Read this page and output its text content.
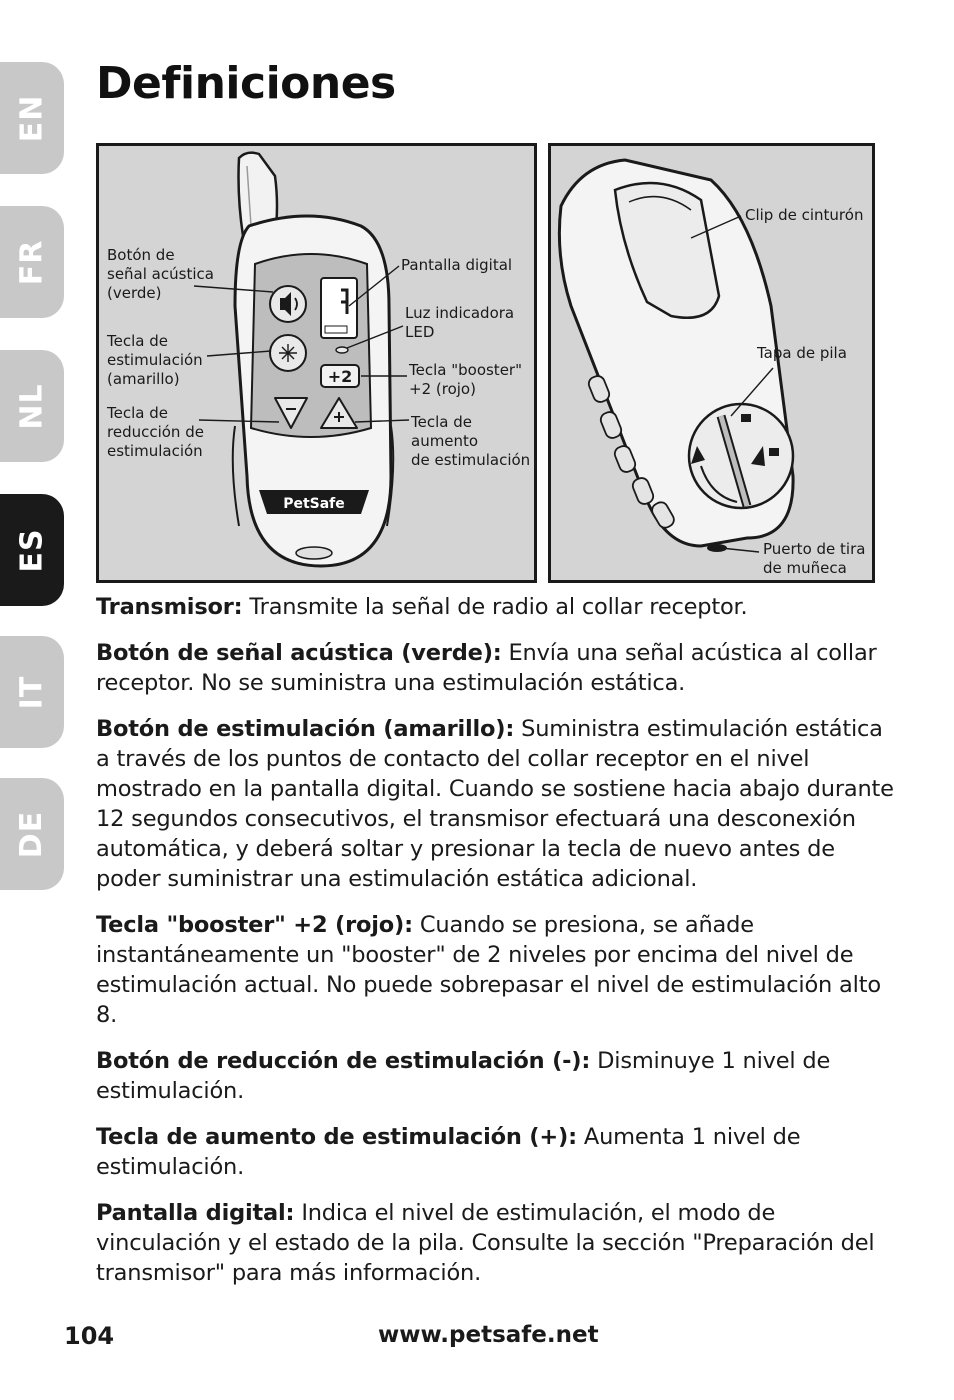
EN
FR
NL
ES
IT
DE
Definiciones
+2
PetSafe
Botón de
señal acústica
(verde)
Tecla de
estimulación
(amarillo)
Tecla de
reducción de
estimulación
Pantalla digital
Luz indicadora
LED
Tecla "booster"
+2 (rojo)
Tecla de
aumento
de estimulación
Clip de cinturón
Tapa de pila
Puerto de tira
de muñeca

Transmisor: Transmite la señal de radio al collar receptor.

Botón de señal acústica (verde): Envía una señal acústica al collar receptor. No se suministra una estimulación estática.

Botón de estimulación (amarillo): Suministra estimulación estática a través de los puntos de contacto del collar receptor en el nivel mostrado en la pantalla digital. Cuando se sostiene hacia abajo durante 12 segundos consecutivos, el transmisor efectuará una desconexión automática, y deberá soltar y presionar la tecla de nuevo antes de poder suministrar una estimulación estática adicional.

Tecla "booster" +2 (rojo): Cuando se presiona, se añade instantáneamente un "booster" de 2 niveles por encima del nivel de estimulación actual. No puede sobrepasar el nivel de estimulación alto 8.

Botón de reducción de estimulación (-): Disminuye 1 nivel de estimulación.

Tecla de aumento de estimulación (+): Aumenta 1 nivel de estimulación.

Pantalla digital: Indica el nivel de estimulación, el modo de vinculación y el estado de la pila. Consulte la sección "Preparación del transmisor" para más información.

104	www.petsafe.net
